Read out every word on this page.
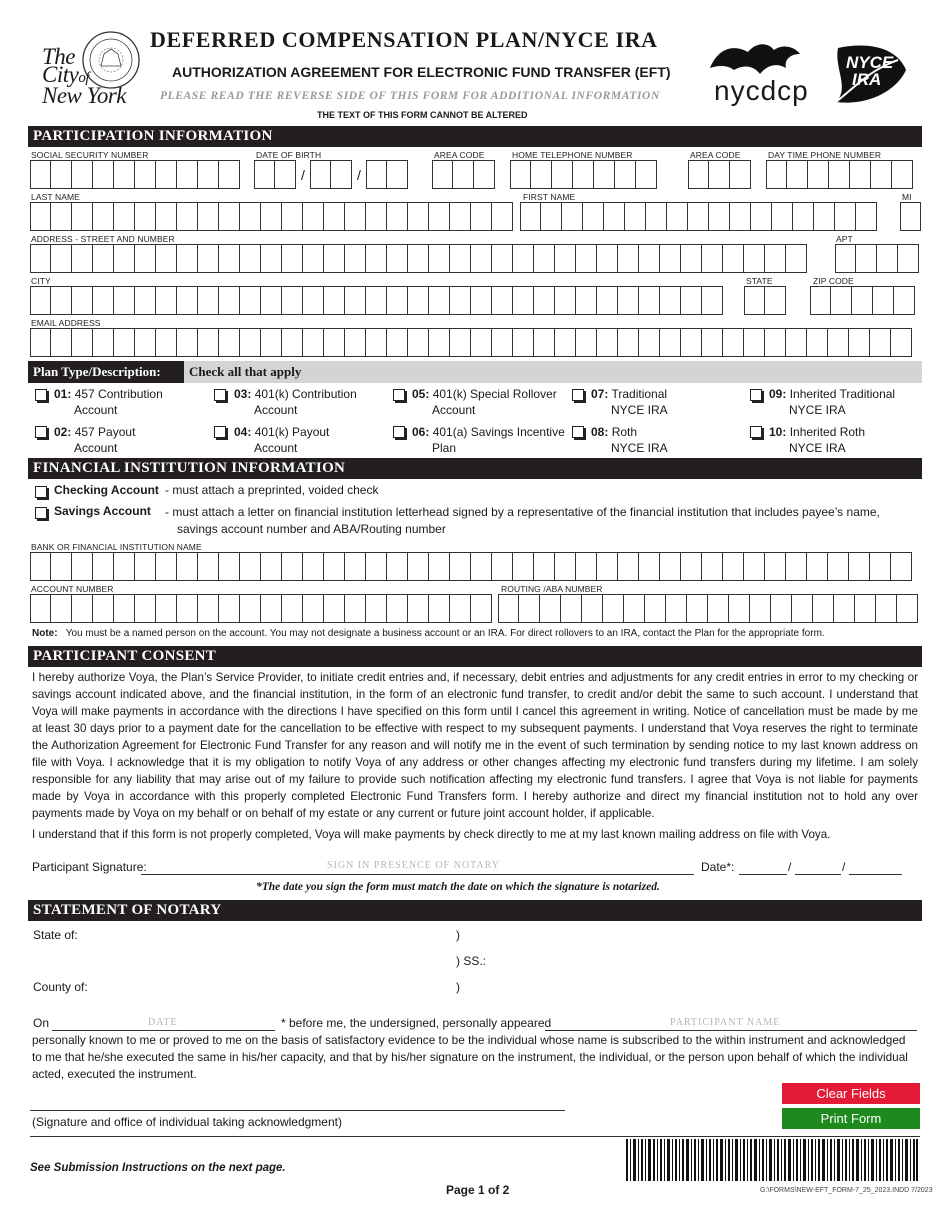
The
Cityof
New York
DEFERRED COMPENSATION PLAN/NYCE IRA
AUTHORIZATION AGREEMENT FOR ELECTRONIC FUND TRANSFER (EFT)
PLEASE READ THE REVERSE SIDE OF THIS FORM FOR ADDITIONAL INFORMATION
THE TEXT OF THIS FORM CANNOT BE ALTERED
nycdcp
NYCE
IRA
PARTICIPATION INFORMATION
SOCIAL SECURITY NUMBER	DATE OF BIRTH	AREA CODE	HOME TELEPHONE NUMBER	AREA CODE	DAY TIME PHONE NUMBER
/	/
LAST NAME	FIRST NAME	MI
ADDRESS - STREET AND NUMBER	APT
CITY	STATE	ZIP CODE
EMAIL ADDRESS
Plan Type/Description:	Check all that apply
01: 457 Contribution
Account
02: 457 Payout
Account
03: 401(k) Contribution
Account
04: 401(k) Payout
Account
05: 401(k) Special Rollover
Account
06: 401(a) Savings Incentive
Plan
07: Traditional
NYCE IRA
08: Roth
NYCE IRA
09: Inherited Traditional
NYCE IRA
10: Inherited Roth
NYCE IRA
FINANCIAL INSTITUTION INFORMATION
Checking Account - must attach a preprinted, voided check
Savings Account - must attach a letter on financial institution letterhead signed by a representative of the financial institution that includes payee’s name, savings account number and ABA/Routing number
BANK OR FINANCIAL INSTITUTION NAME
ACCOUNT NUMBER	ROUTING /ABA NUMBER
Note: You must be a named person on the account. You may not designate a business account or an IRA. For direct rollovers to an IRA, contact the Plan for the appropriate form.
PARTICIPANT CONSENT
I hereby authorize Voya, the Plan’s Service Provider, to initiate credit entries and, if necessary, debit entries and adjustments for any credit entries in error to my checking or savings account indicated above, and the financial institution, in the form of an electronic fund transfer, to credit and/or debit the same to such account. I understand that Voya will make payments in accordance with the directions I have specified on this form until I cancel this agreement in writing. Notice of cancellation must be made by me at least 30 days prior to a payment date for the cancellation to be effective with respect to my subsequent payments. I understand that Voya reserves the right to terminate the Authorization Agreement for Electronic Fund Transfer for any reason and will notify me in the event of such termination by sending notice to my last known address on file with Voya. I acknowledge that it is my obligation to notify Voya of any address or other changes affecting my electronic fund transfers during my lifetime. I am solely responsible for any liability that may arise out of my failure to provide such notification affecting my electronic fund transfers. I agree that Voya is not liable for payments made by Voya in accordance with this properly completed Electronic Fund Transfers form. I hereby authorize and direct my financial institution not to hold any over payments made by Voya on my behalf or on behalf of my estate or any current or future joint account holder, if applicable.
I understand that if this form is not properly completed, Voya will make payments by check directly to me at my last known mailing address on file with Voya.
Participant Signature:	SIGN IN PRESENCE OF NOTARY	Date*:	/	/
*The date you sign the form must match the date on which the signature is notarized.
STATEMENT OF NOTARY
State of:	)
) SS.:
County of:	)
On	DATE	* before me, the undersigned, personally appeared	PARTICIPANT NAME
personally known to me or proved to me on the basis of satisfactory evidence to be the individual whose name is subscribed to the within instrument and acknowledged to me that he/she executed the same in his/her capacity, and that by his/her signature on the instrument, the individual, or the person upon behalf of which the individual acted, executed the instrument.
(Signature and office of individual taking acknowledgment)
Clear Fields
Print Form
See Submission Instructions on the next page.
Page 1 of 2	G:\FORMS\NEW-EFT_FORM-7_25_2023.INDD 7/2023
